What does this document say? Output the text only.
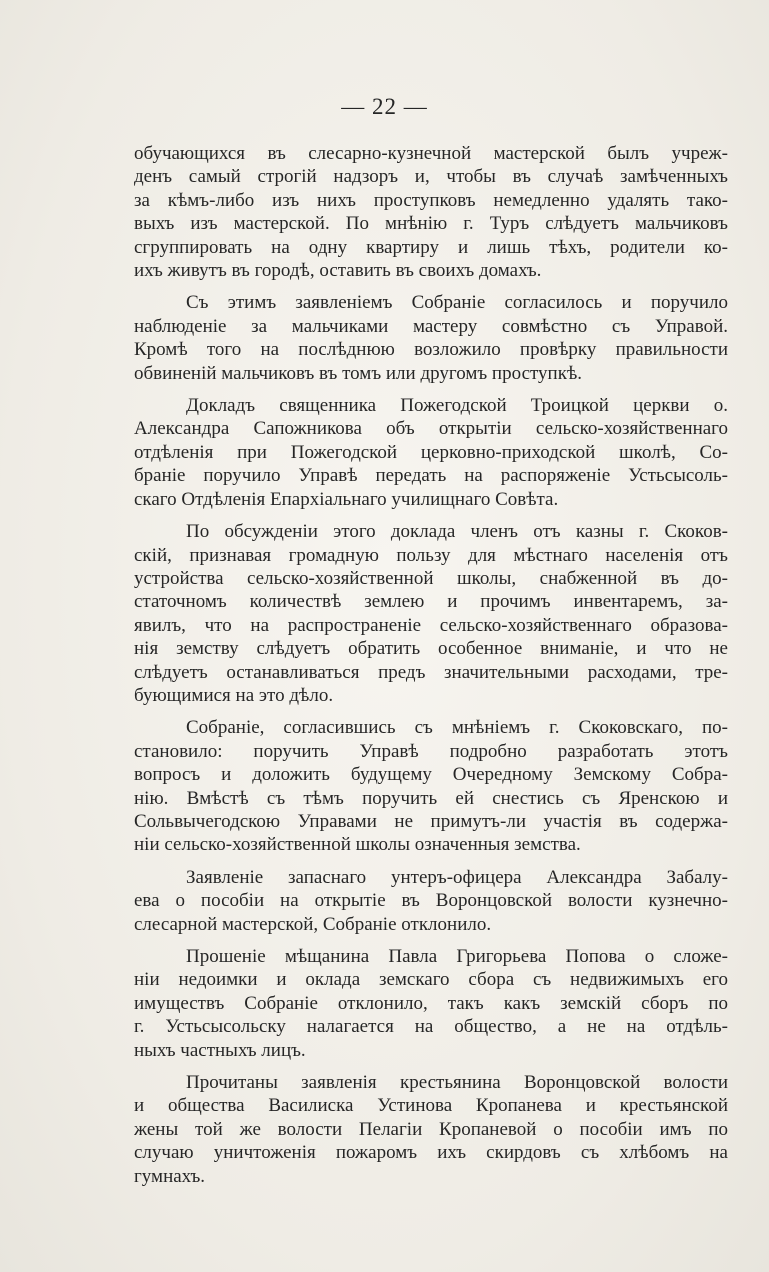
— 22 —
обучающихся въ слесарно-кузнечной мастерской былъ учреж-
денъ самый строгій надзоръ и, чтобы въ случаѣ замѣченныхъ
за кѣмъ-либо изъ нихъ проступковъ немедленно удалять тако-
выхъ изъ мастерской. По мнѣнію г. Туръ слѣдуетъ мальчиковъ
сгруппировать на одну квартиру и лишь тѣхъ, родители ко-
ихъ живутъ въ городѣ, оставить въ своихъ домахъ.
Съ этимъ заявленіемъ Собраніе согласилось и поручило
наблюденіе за мальчиками мастеру совмѣстно съ Управой.
Кромѣ того на послѣднюю возложило провѣрку правильности
обвиненій мальчиковъ въ томъ или другомъ проступкѣ.
Докладъ священника Пожегодской Троицкой церкви о.
Александра Сапожникова объ открытіи сельско-хозяйственнаго
отдѣленія при Пожегодской церковно-приходской школѣ, Со-
браніе поручило Управѣ передать на распоряженіе Устьсысоль-
скаго Отдѣленія Епархіальнаго училищнаго Совѣта.
По обсужденіи этого доклада членъ отъ казны г. Скоков-
скій, признавая громадную пользу для мѣстнаго населенія отъ
устройства сельско-хозяйственной школы, снабженной въ до-
статочномъ количествѣ землею и прочимъ инвентаремъ, за-
явилъ, что на распространеніе сельско-хозяйственнаго образова-
нія земству слѣдуетъ обратить особенное вниманіе, и что не
слѣдуетъ останавливаться предъ значительными расходами, тре-
бующимися на это дѣло.
Собраніе, согласившись съ мнѣніемъ г. Скоковскаго, по-
становило: поручить Управѣ подробно разработать этотъ
вопросъ и доложить будущему Очередному Земскому Собра-
нію. Вмѣстѣ съ тѣмъ поручить ей снестись съ Яренскою и
Сольвычегодскою Управами не примутъ-ли участія въ содержа-
ніи сельско-хозяйственной школы означенныя земства.
Заявленіе запаснаго унтеръ-офицера Александра Забалу-
ева о пособіи на открытіе въ Воронцовской волости кузнечно-
слесарной мастерской, Собраніе отклонило.
Прошеніе мѣщанина Павла Григорьева Попова о сложе-
ніи недоимки и оклада земскаго сбора съ недвижимыхъ его
имуществъ Собраніе отклонило, такъ какъ земскій сборъ по
г. Устьсысольску налагается на общество, а не на отдѣль-
ныхъ частныхъ лицъ.
Прочитаны заявленія крестьянина Воронцовской волости
и общества Василиска Устинова Кропанева и крестьянской
жены той же волости Пелагіи Кропаневой о пособіи имъ по
случаю уничтоженія пожаромъ ихъ скирдовъ съ хлѣбомъ на
гумнахъ.
